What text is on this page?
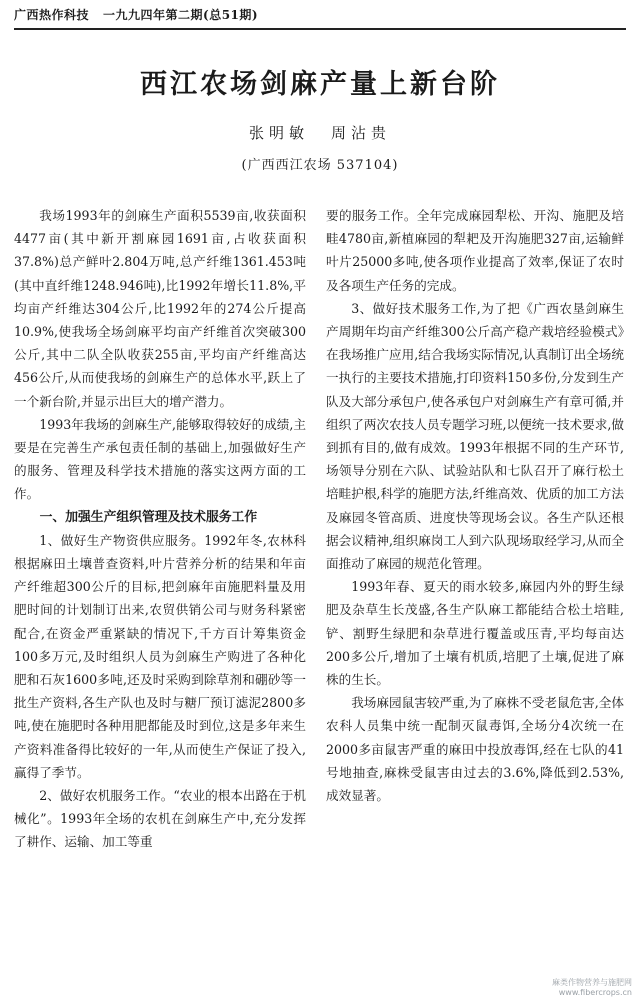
广西热作科技 一九九四年第二期(总51期)
西江农场剑麻产量上新台阶
张明敏 周沾贵
(广西西江农场 537104)

我场1993年的剑麻生产面积5539亩,收获面积4477亩(其中新开割麻园1691亩,占收获面积37.8%)总产鲜叶2.804万吨,总产纤维1361.453吨(其中直纤维1248.946吨),比1992年增长11.8%,平均亩产纤维达304公斤,比1992年的274公斤提高10.9%,使我场全场剑麻平均亩产纤维首次突破300公斤,其中二队全队收获255亩,平均亩产纤维高达456公斤,从而使我场的剑麻生产的总体水平,跃上了一个新台阶,并显示出巨大的增产潜力。

1993年我场的剑麻生产,能够取得较好的成绩,主要是在完善生产承包责任制的基础上,加强做好生产的服务、管理及科学技术措施的落实这两方面的工作。

一、加强生产组织管理及技术服务工作

1、做好生产物资供应服务。1992年冬,农林科根据麻田土壤普查资料,叶片营养分析的结果和年亩产纤维超300公斤的目标,把剑麻年亩施肥料量及用肥时间的计划制订出来,农贸供销公司与财务科紧密配合,在资金严重紧缺的情况下,千方百计筹集资金100多万元,及时组织人员为剑麻生产购进了各种化肥和石灰1600多吨,还及时采购到除草剂和硼砂等一批生产资料,各生产队也及时与糖厂预订滤泥2800多吨,使在施肥时各种用肥都能及时到位,这是多年来生产资料准备得比较好的一年,从而使生产保证了投入,赢得了季节。

2、做好农机服务工作。“农业的根本出路在于机械化”。1993年全场的农机在剑麻生产中,充分发挥了耕作、运输、加工等重

要的服务工作。全年完成麻园犁松、开沟、施肥及培畦4780亩,新植麻园的犁耙及开沟施肥327亩,运输鲜叶片25000多吨,使各项作业提高了效率,保证了农时及各项生产任务的完成。

3、做好技术服务工作,为了把《广西农垦剑麻生产周期年均亩产纤维300公斤高产稳产栽培经验模式》在我场推广应用,结合我场实际情况,认真制订出全场统一执行的主要技术措施,打印资料150多份,分发到生产队及大部分承包户,使各承包户对剑麻生产有章可循,并组织了两次农技人员专题学习班,以便统一技术要求,做到抓有目的,做有成效。1993年根据不同的生产环节,场领导分别在六队、试验站队和七队召开了麻行松土培畦护根,科学的施肥方法,纤维高效、优质的加工方法及麻园冬管高质、进度快等现场会议。各生产队还根据会议精神,组织麻岗工人到六队现场取经学习,从而全面推动了麻园的规范化管理。

1993年春、夏天的雨水较多,麻园内外的野生绿肥及杂草生长茂盛,各生产队麻工都能结合松土培畦,铲、割野生绿肥和杂草进行覆盖或压青,平均每亩达200多公斤,增加了土壤有机质,培肥了土壤,促进了麻株的生长。

我场麻园鼠害较严重,为了麻株不受老鼠危害,全体农科人员集中统一配制灭鼠毒饵,全场分4次统一在2000多亩鼠害严重的麻田中投放毒饵,经在七队的41号地抽查,麻株受鼠害由过去的3.6%,降低到2.53%,成效显著。

麻类作物营养与施肥网
www.fibercrops.cn
